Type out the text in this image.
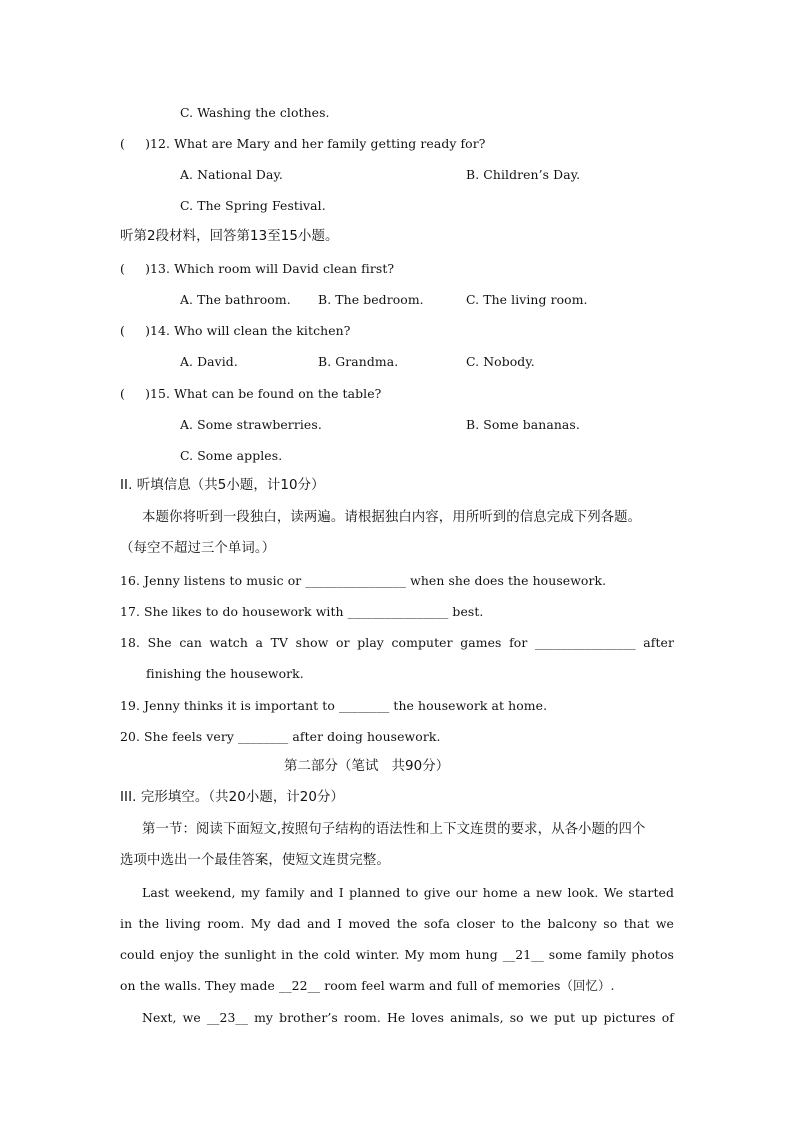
C. Washing the clothes.
(     )12. What are Mary and her family getting ready for?
A. National Day.	B. Children’s Day.
C. The Spring Festival.
听第2段材料，回答第13至15小题。
(     )13. Which room will David clean first?
A. The bathroom. B. The bedroom.	C. The living room.
(     )14. Who will clean the kitchen?
A. David.	B. Grandma.	C. Nobody.
(     )15. What can be found on the table?
A. Some strawberries.	B. Some bananas.
C. Some apples.
II. 听填信息（共5小题，计10分）
本题你将听到一段独白，读两遍。请根据独白内容，用所听到的信息完成下列各题。
（每空不超过三个单词。）
16. Jenny listens to music or ________________ when she does the housework.
17. She likes to do housework with ________________ best.
18. She can watch a TV show or play computer games for ________________ after
finishing the housework.
19. Jenny thinks it is important to ________ the housework at home.
20. She feels very ________ after doing housework.
第二部分（笔试   共90分）
III. 完形填空。（共20小题，计20分）
第一节：阅读下面短文,按照句子结构的语法性和上下文连贯的要求，从各小题的四个
选项中选出一个最佳答案，使短文连贯完整。
Last weekend, my family and I planned to give our home a new look. We started
in the living room. My dad and I moved the sofa closer to the balcony so that we
could enjoy the sunlight in the cold winter. My mom hung __21__ some family photos
on the walls. They made __22__ room feel warm and full of memories（回忆）.
Next, we __23__ my brother’s room. He loves animals, so we put up pictures of
